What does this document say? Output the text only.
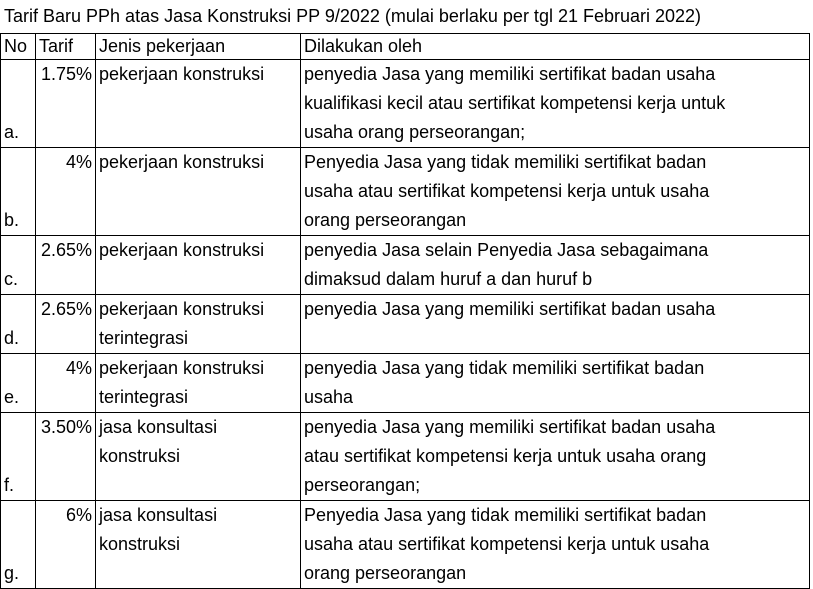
Tarif Baru PPh atas Jasa Konstruksi PP 9/2022 (mulai berlaku per tgl 21 Februari 2022)
No	Tarif	Jenis pekerjaan	Dilakukan oleh
a.	1.75%	pekerjaan konstruksi	penyedia Jasa yang memiliki sertifikat badan usaha
kualifikasi kecil atau sertifikat kompetensi kerja untuk
usaha orang perseorangan;

b.	4%	pekerjaan konstruksi	Penyedia Jasa yang tidak memiliki sertifikat badan
usaha atau sertifikat kompetensi kerja untuk usaha
orang perseorangan

c.	2.65%	pekerjaan konstruksi	penyedia Jasa selain Penyedia Jasa sebagaimana
dimaksud dalam huruf a dan huruf b

d.	2.65%	pekerjaan konstruksi
terintegrasi	penyedia Jasa yang memiliki sertifikat badan usaha

e.	4%	pekerjaan konstruksi
terintegrasi	penyedia Jasa yang tidak memiliki sertifikat badan
usaha

f.	3.50%	jasa konsultasi
konstruksi	penyedia Jasa yang memiliki sertifikat badan usaha
atau sertifikat kompetensi kerja untuk usaha orang
perseorangan;

g.	6%	jasa konsultasi
konstruksi	Penyedia Jasa yang tidak memiliki sertifikat badan
usaha atau sertifikat kompetensi kerja untuk usaha
orang perseorangan
